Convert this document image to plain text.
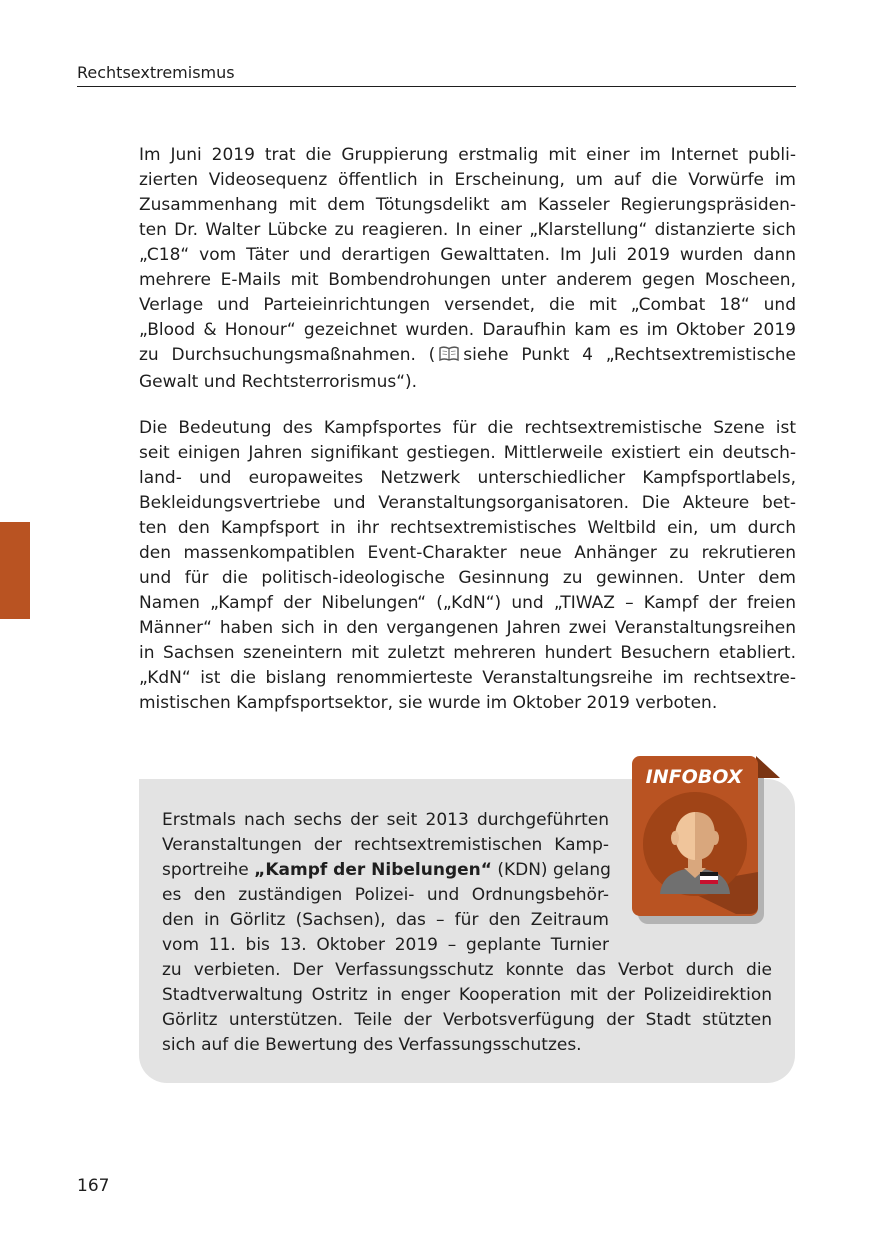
Rechtsextremismus

Im Juni 2019 trat die Gruppierung erstmalig mit einer im Internet publi-
zierten Videosequenz öffentlich in Erscheinung, um auf die Vorwürfe im
Zusammenhang mit dem Tötungsdelikt am Kasseler Regierungspräsiden-
ten Dr. Walter Lübcke zu reagieren. In einer „Klarstellung“ distanzierte sich
„C18“ vom Täter und derartigen Gewalttaten. Im Juli 2019 wurden dann
mehrere E-Mails mit Bombendrohungen unter anderem gegen Moscheen,
Verlage und Parteieinrichtungen versendet, die mit „Combat 18“ und
„Blood & Honour“ gezeichnet wurden. Daraufhin kam es im Oktober 2019
zu Durchsuchungsmaßnahmen. ( siehe Punkt 4 „Rechtsextremistische
Gewalt und Rechtsterrorismus“).

Die Bedeutung des Kampfsportes für die rechtsextremistische Szene ist
seit einigen Jahren signifikant gestiegen. Mittlerweile existiert ein deutsch-
land- und europaweites Netzwerk unterschiedlicher Kampfsportlabels,
Bekleidungsvertriebe und Veranstaltungsorganisatoren. Die Akteure bet-
ten den Kampfsport in ihr rechtsextremistisches Weltbild ein, um durch
den massenkompatiblen Event-Charakter neue Anhänger zu rekrutieren
und für die politisch-ideologische Gesinnung zu gewinnen. Unter dem
Namen „Kampf der Nibelungen“ („KdN“) und „TIWAZ – Kampf der freien
Männer“ haben sich in den vergangenen Jahren zwei Veranstaltungsreihen
in Sachsen szeneintern mit zuletzt mehreren hundert Besuchern etabliert.
„KdN“ ist die bislang renommierteste Veranstaltungsreihe im rechtsextre-
mistischen Kampfsportsektor, sie wurde im Oktober 2019 verboten.

Erstmals nach sechs der seit 2013 durchgeführten
Veranstaltungen der rechtsextremistischen Kamp-
sportreihe „Kampf der Nibelungen“ (KDN) gelang
es den zuständigen Polizei- und Ordnungsbehör-
den in Görlitz (Sachsen), das – für den Zeitraum
vom 11. bis 13. Oktober 2019 – geplante Turnier
zu verbieten. Der Verfassungsschutz konnte das Verbot durch die
Stadtverwaltung Ostritz in enger Kooperation mit der Polizeidirektion
Görlitz unterstützen. Teile der Verbotsverfügung der Stadt stützten
sich auf die Bewertung des Verfassungsschutzes.

INFOBOX
167
